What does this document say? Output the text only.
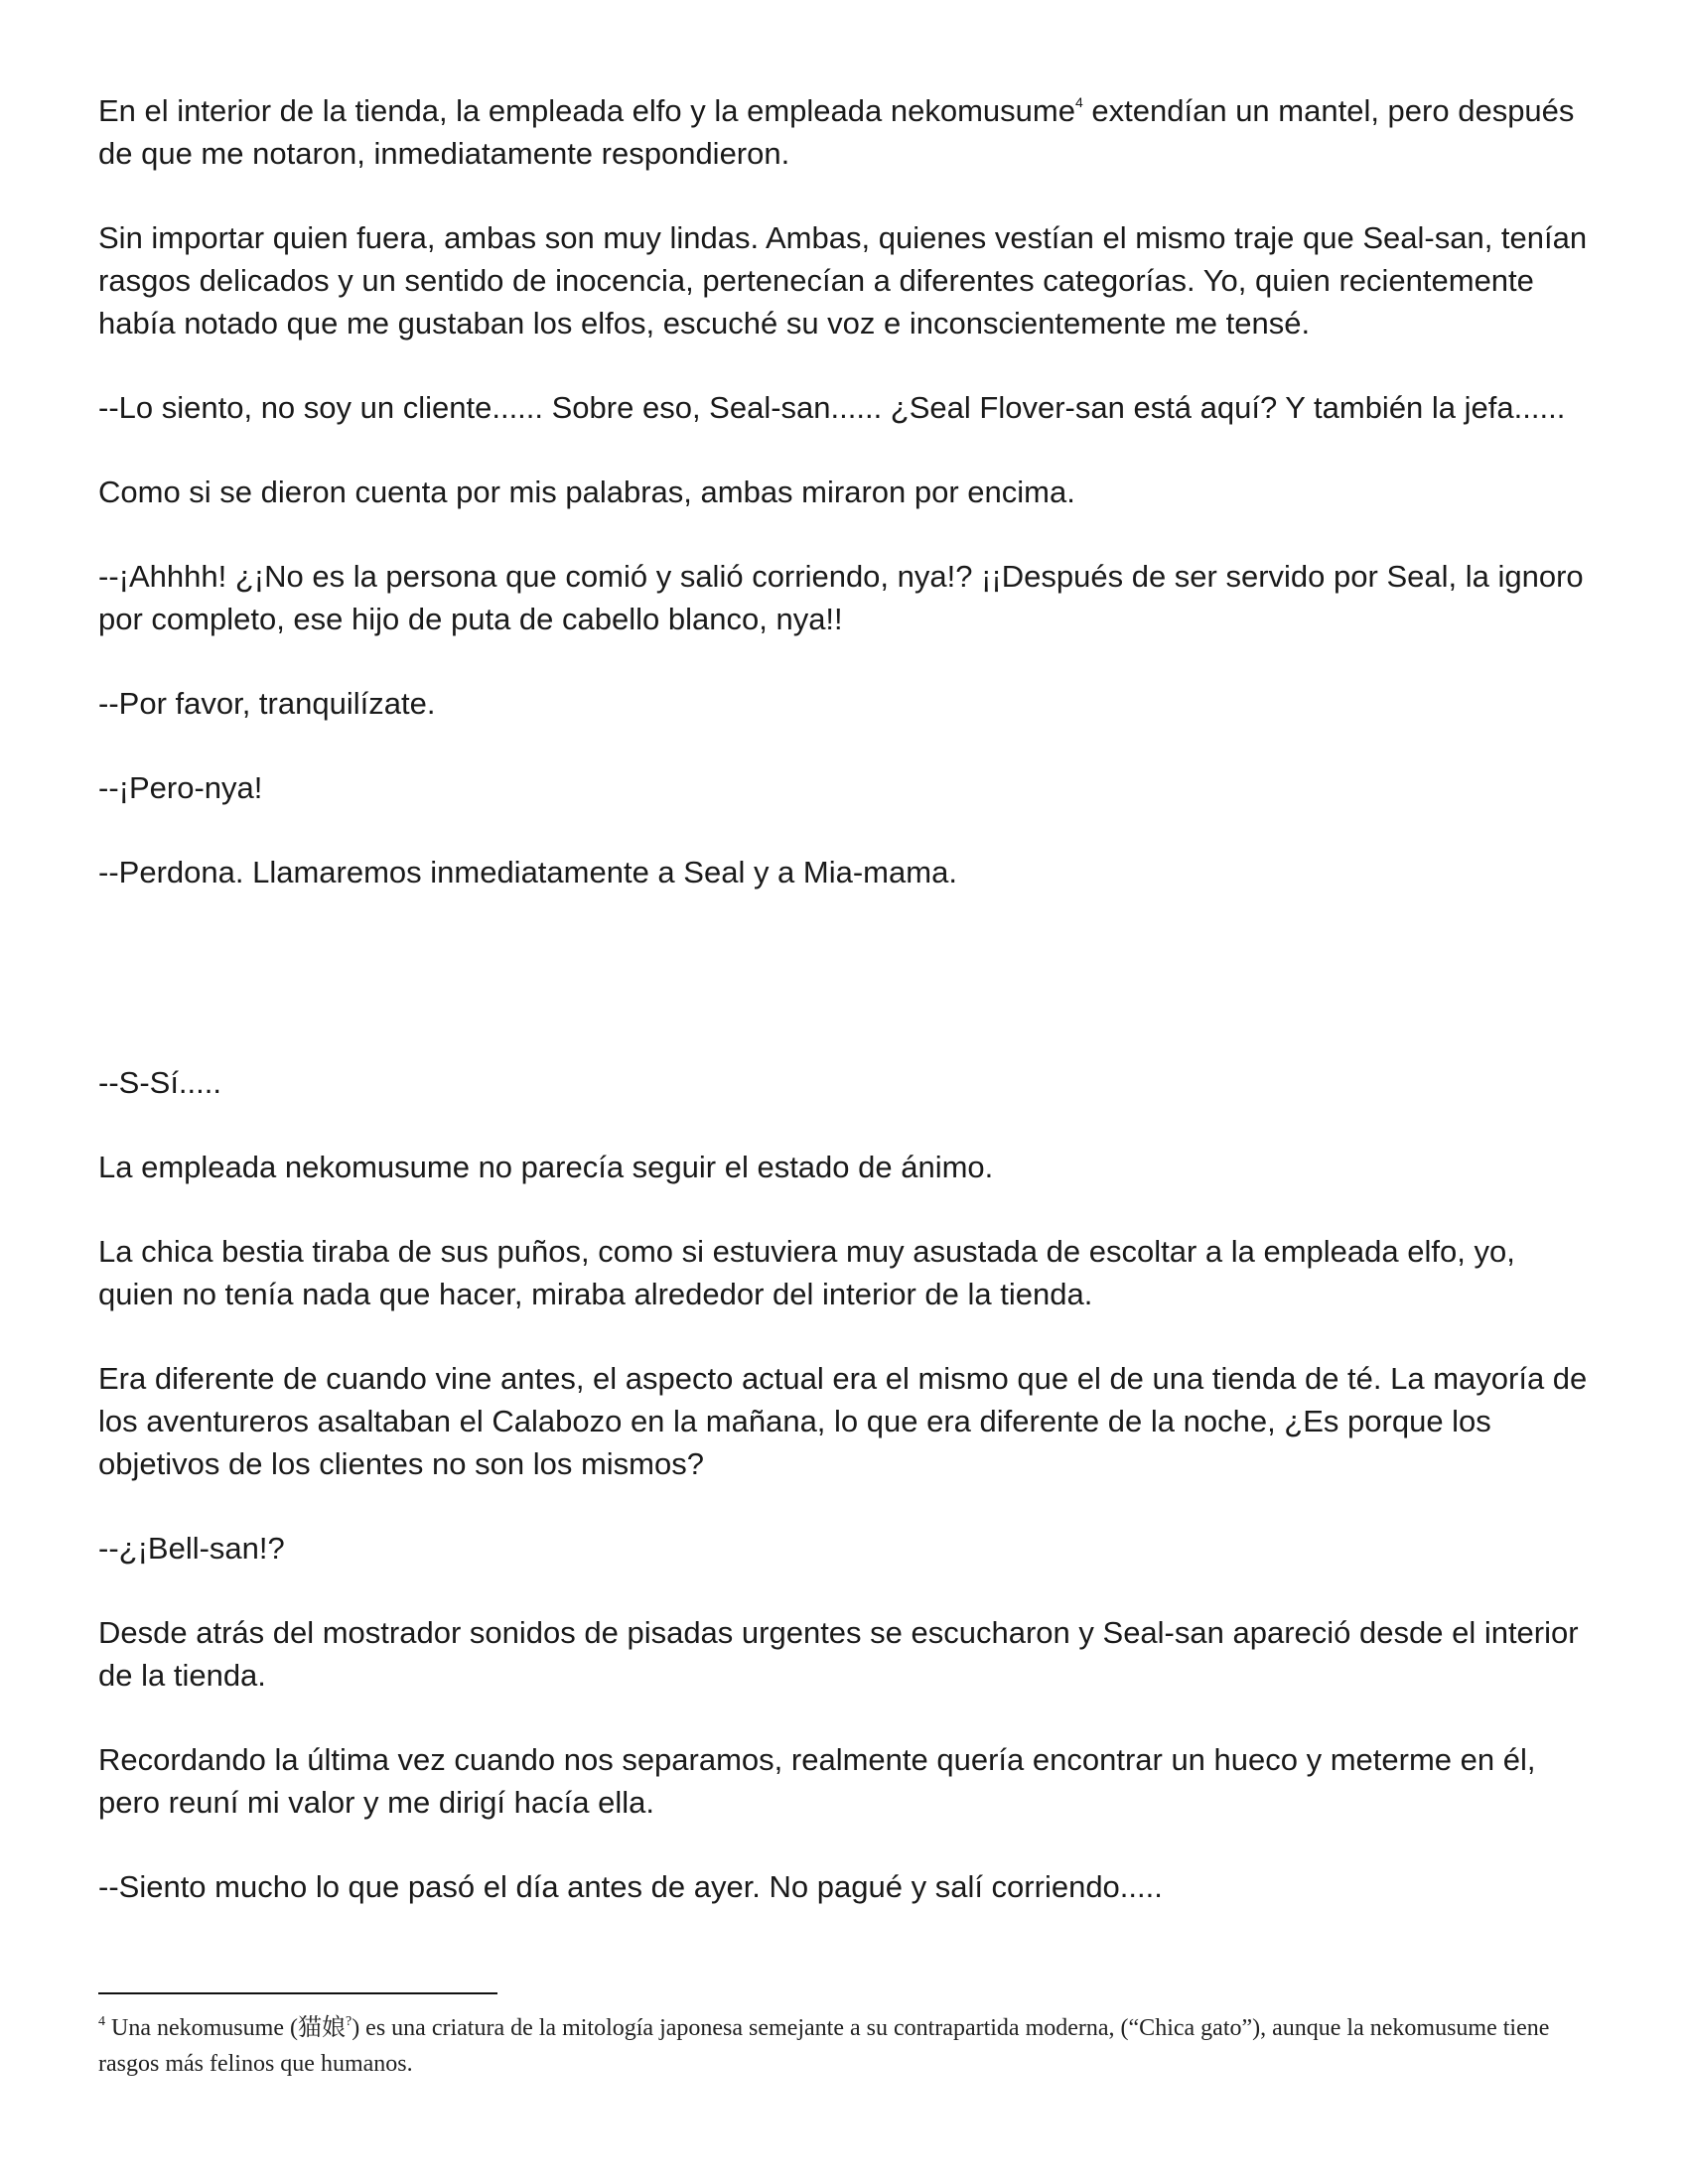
En el interior de la tienda, la empleada elfo y la empleada nekomusume$^4$ extendían un mantel, pero después de que me notaron, inmediatamente respondieron.

Sin importar quien fuera, ambas son muy lindas. Ambas, quienes vestían el mismo traje que Seal-san, tenían rasgos delicados y un sentido de inocencia, pertenecían a diferentes categorías. Yo, quien recientemente había notado que me gustaban los elfos, escuché su voz e inconscientemente me tensé.

--Lo siento, no soy un cliente...... Sobre eso, Seal-san...... ¿Seal Flover-san está aquí? Y también la jefa......

Como si se dieron cuenta por mis palabras, ambas miraron por encima.

--¡Ahhhh! ¿¡No es la persona que comió y salió corriendo, nya!? ¡¡Después de ser servido por Seal, la ignoro por completo, ese hijo de puta de cabello blanco, nya!!

--Por favor, tranquilízate.

--¡Pero-nya!

--Perdona. Llamaremos inmediatamente a Seal y a Mia-mama.

--S-Sí.....

La empleada nekomusume no parecía seguir el estado de ánimo.

La chica bestia tiraba de sus puños, como si estuviera muy asustada de escoltar a la empleada elfo, yo, quien no tenía nada que hacer, miraba alrededor del interior de la tienda.

Era diferente de cuando vine antes, el aspecto actual era el mismo que el de una tienda de té. La mayoría de los aventureros asaltaban el Calabozo en la mañana, lo que era diferente de la noche, ¿Es porque los objetivos de los clientes no son los mismos?

--¿¡Bell-san!?

Desde atrás del mostrador sonidos de pisadas urgentes se escucharon y Seal-san apareció desde el interior de la tienda.

Recordando la última vez cuando nos separamos, realmente quería encontrar un hueco y meterme en él, pero reuní mi valor y me dirigí hacía ella.

--Siento mucho lo que pasó el día antes de ayer. No pagué y salí corriendo.....

$^4$ Una nekomusume (猫娘?) es una criatura de la mitología japonesa semejante a su contrapartida moderna, (“Chica gato”), aunque la nekomusume tiene rasgos más felinos que humanos.
